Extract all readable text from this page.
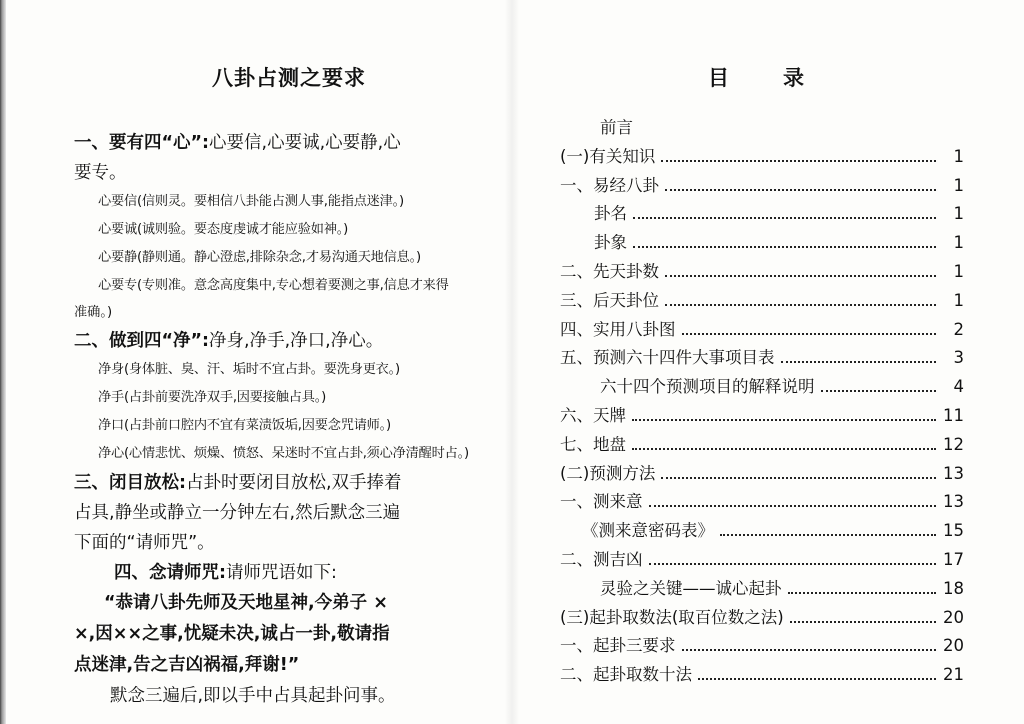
八卦占测之要求
一、要有四“心”:心要信,心要诚,心要静,心
要专。
心要信(信则灵。要相信八卦能占测人事,能指点迷津。)
心要诚(诚则验。要态度虔诚才能应验如神。)
心要静(静则通。静心澄虑,排除杂念,才易沟通天地信息。)
心要专(专则准。意念高度集中,专心想着要测之事,信息才来得
准确。)
二、做到四“净”:净身,净手,净口,净心。
净身(身体脏、臭、汗、垢时不宜占卦。要洗身更衣。)
净手(占卦前要洗净双手,因要接触占具。)
净口(占卦前口腔内不宜有菜渍饭垢,因要念咒请师。)
净心(心情悲忧、烦燥、愤怒、呆迷时不宜占卦,须心净清醒时占。)
三、闭目放松:占卦时要闭目放松,双手捧着
占具,静坐或静立一分钟左右,然后默念三遍
下面的“请师咒”。
四、念请师咒:请师咒语如下:
“恭请八卦先师及天地星神,今弟子 ×
×,因××之事,忧疑未决,诚占一卦,敬请指
点迷津,告之吉凶祸福,拜谢!”
默念三遍后,即以手中占具起卦问事。
目	录
前言
(一)有关知识	1
一、易经八卦	1
卦名	1
卦象	1
二、先天卦数	1
三、后天卦位	1
四、实用八卦图	2
五、预测六十四件大事项目表	3
六十四个预测项目的解释说明	4
六、天牌	11
七、地盘	12
(二)预测方法	13
一、测来意	13
《测来意密码表》	15
二、测吉凶	17
灵验之关键——诚心起卦	18
(三)起卦取数法(取百位数之法)	20
一、起卦三要求	20
二、起卦取数十法	21
